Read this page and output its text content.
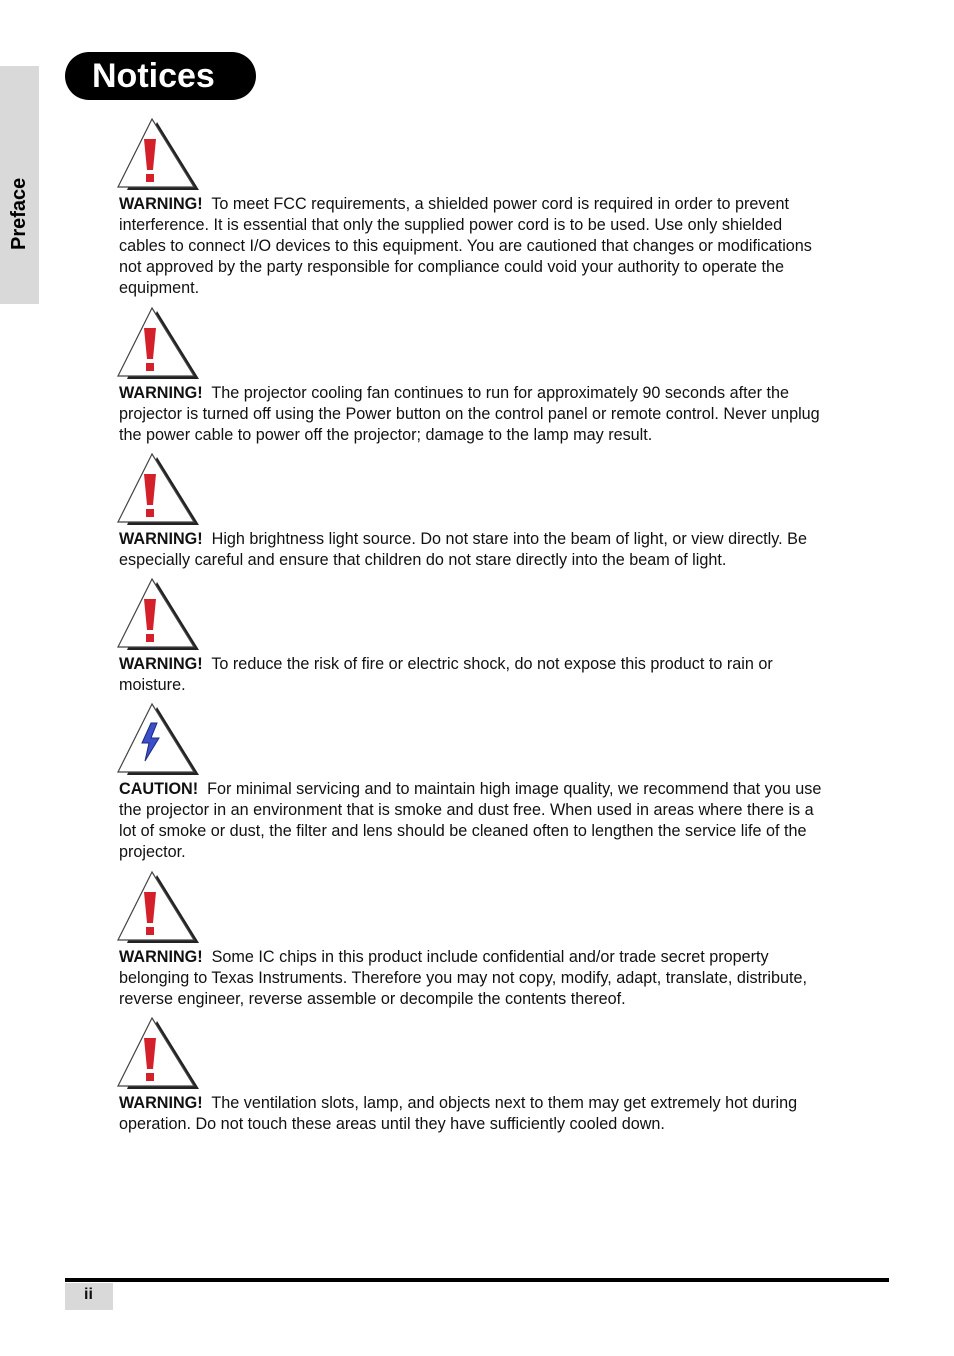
Preface
Notices

WARNING! To meet FCC requirements, a shielded power cord is required in order to prevent interference. It is essential that only the supplied power cord is to be used. Use only shielded cables to connect I/O devices to this equipment. You are cautioned that changes or modifications not approved by the party responsible for compliance could void your authority to operate the equipment.

WARNING! The projector cooling fan continues to run for approximately 90 seconds after the projector is turned off using the Power button on the control panel or remote control. Never unplug the power cable to power off the projector; damage to the lamp may result.

WARNING! High brightness light source. Do not stare into the beam of light, or view directly. Be especially careful and ensure that children do not stare directly into the beam of light.

WARNING! To reduce the risk of fire or electric shock, do not expose this product to rain or moisture.

CAUTION! For minimal servicing and to maintain high image quality, we recommend that you use the projector in an environment that is smoke and dust free. When used in areas where there is a lot of smoke or dust, the filter and lens should be cleaned often to lengthen the service life of the projector.

WARNING! Some IC chips in this product include confidential and/or trade secret property belonging to Texas Instruments. Therefore you may not copy, modify, adapt, translate, distribute, reverse engineer, reverse assemble or decompile the contents thereof.

WARNING! The ventilation slots, lamp, and objects next to them may get extremely hot during operation. Do not touch these areas until they have sufficiently cooled down.

ii
